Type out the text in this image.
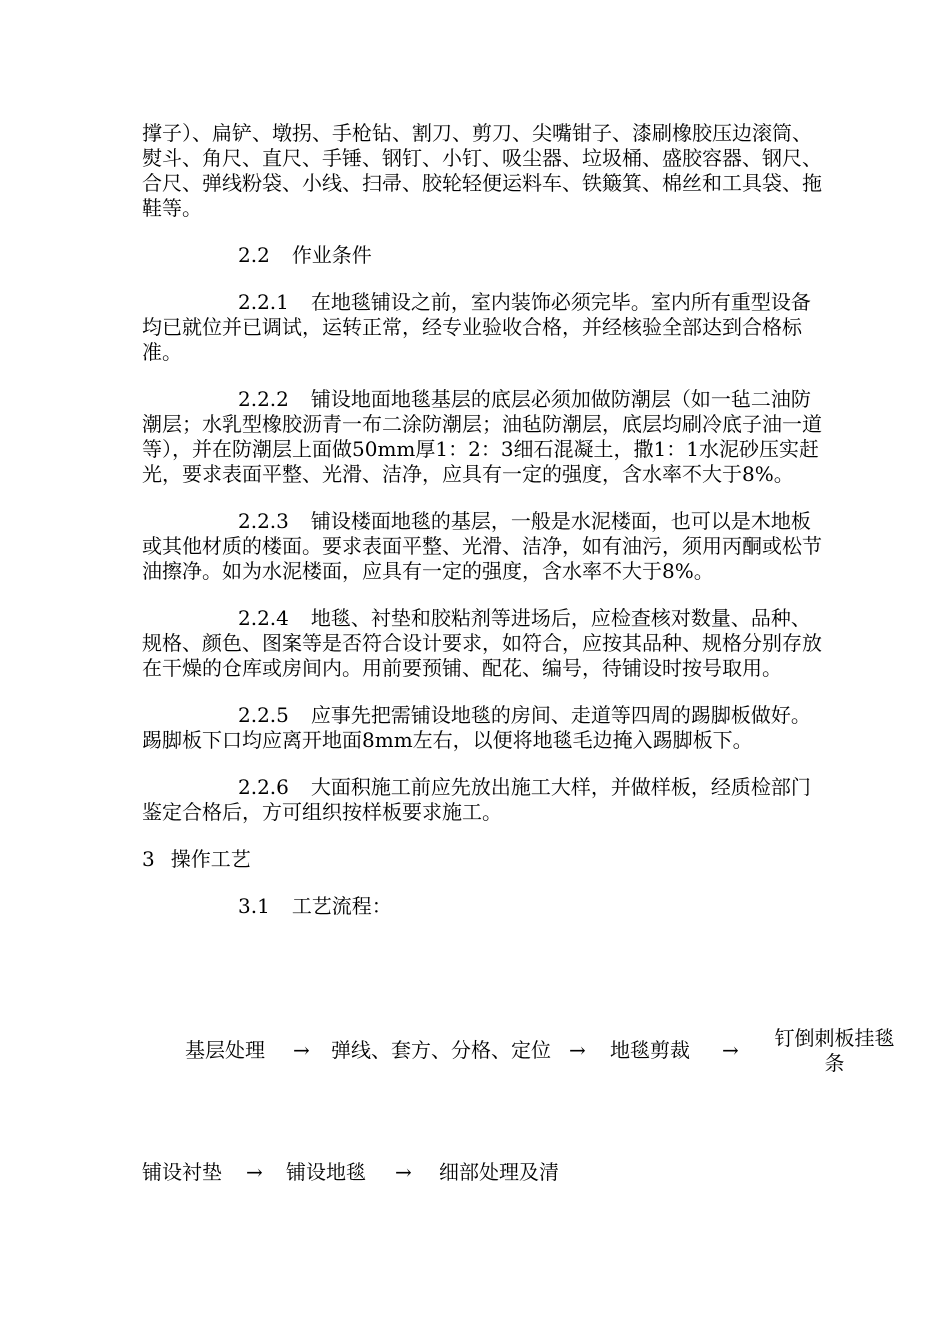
撑子）、扁铲、墩拐、手枪钻、割刀、剪刀、尖嘴钳子、漆刷橡胶压边滚筒、熨斗、角尺、直尺、手锤、钢钉、小钉、吸尘器、垃圾桶、盛胶容器、钢尺、合尺、弹线粉袋、小线、扫帚、胶轮轻便运料车、铁簸箕、棉丝和工具袋、拖鞋等。

2.2 作业条件

2.2.1 在地毯铺设之前，室内装饰必须完毕。室内所有重型设备均已就位并已调试，运转正常，经专业验收合格，并经核验全部达到合格标准。

2.2.2 铺设地面地毯基层的底层必须加做防潮层（如一毡二油防潮层；水乳型橡胶沥青一布二涂防潮层；油毡防潮层，底层均刷冷底子油一道等），并在防潮层上面做50mm厚1：2：3细石混凝土，撒1：1水泥砂压实赶光，要求表面平整、光滑、洁净，应具有一定的强度，含水率不大于8%。

2.2.3 铺设楼面地毯的基层，一般是水泥楼面，也可以是木地板或其他材质的楼面。要求表面平整、光滑、洁净，如有油污，须用丙酮或松节油擦净。如为水泥楼面，应具有一定的强度，含水率不大于8%。

2.2.4 地毯、衬垫和胶粘剂等进场后，应检查核对数量、品种、规格、颜色、图案等是否符合设计要求，如符合，应按其品种、规格分别存放在干燥的仓库或房间内。用前要预铺、配花、编号，待铺设时按号取用。

2.2.5 应事先把需铺设地毯的房间、走道等四周的踢脚板做好。踢脚板下口均应离开地面8mm左右，以便将地毯毛边掩入踢脚板下。

2.2.6 大面积施工前应先放出施工大样，并做样板，经质检部门鉴定合格后，方可组织按样板要求施工。

3 操作工艺

3.1 工艺流程：

基层处理 → 弹线、套方、分格、定位 → 地毯剪裁 →	钉倒刺板挂毯条
铺设衬垫 → 铺设地毯 → 细部处理及清
